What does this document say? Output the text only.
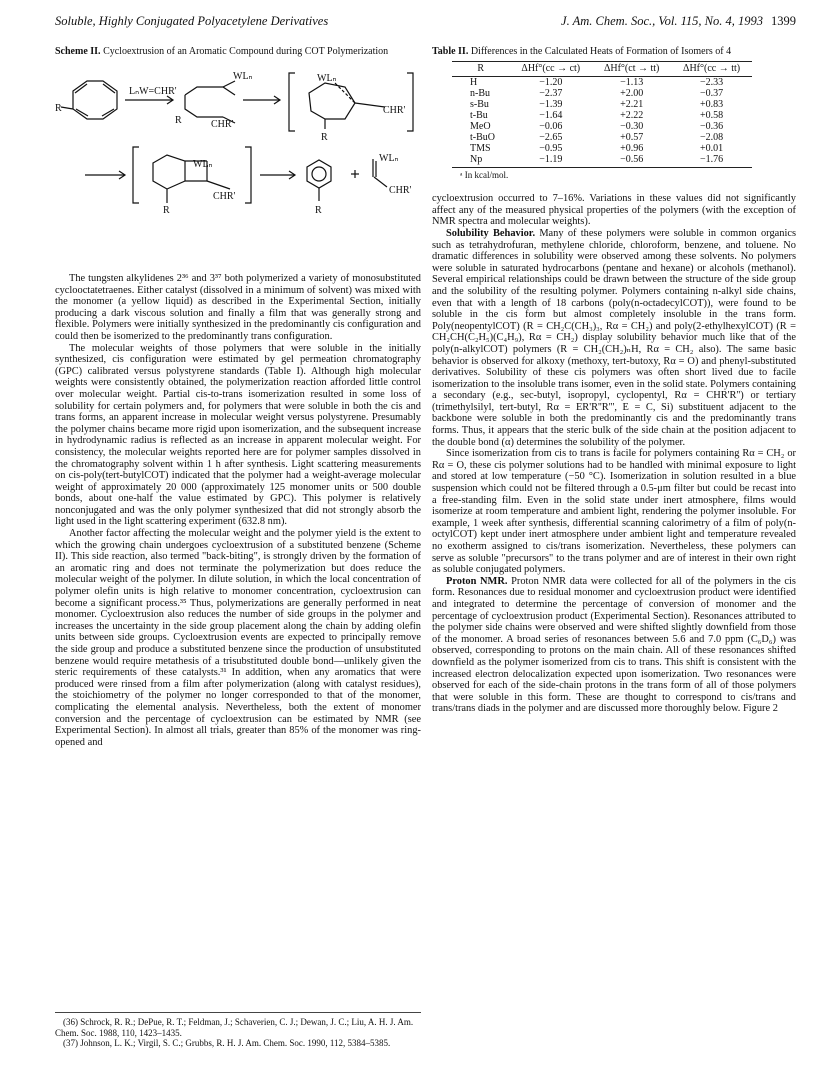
Soluble, Highly Conjugated Polyacetylene Derivatives	J. Am. Chem. Soc., Vol. 115, No. 4, 1993 1399
Scheme II. Cycloextrusion of an Aromatic Compound during COT Polymerization
R
LₙW=CHR'
WLₙ
R	CHR'
WLₙ
CHR'
R
WLₙ
CHR'
R	R
WLₙ
CHR'

The tungsten alkylidenes 2³⁶ and 3³⁷ both polymerized a variety of monosubstituted cyclooctatetraenes. Either catalyst (dissolved in a minimum of solvent) was mixed with the monomer (a yellow liquid) as described in the Experimental Section, initially producing a dark viscous solution and finally a film that was generally strong and flexible. Polymers were initially synthesized in the predominantly cis configuration and could then be isomerized to the predominantly trans configuration.

The molecular weights of those polymers that were soluble in the initially synthesized, cis configuration were estimated by gel permeation chromatography (GPC) calibrated versus polystyrene standards (Table I). Although high molecular weights were consistently obtained, the polymerization reaction afforded little control over molecular weight. Partial cis-to-trans isomerization resulted in some loss of solubility for certain polymers and, for polymers that were soluble in both the cis and trans forms, an apparent increase in molecular weight versus polystyrene. Presumably the polymer chains became more rigid upon isomerization, and the subsequent increase in hydrodynamic radius is reflected as an increase in apparent molecular weight. For consistency, the molecular weights reported here are for polymer samples dissolved in the chromatography solvent within 1 h after synthesis. Light scattering measurements on cis-poly(tert-butylCOT) indicated that the polymer had a weight-average molecular weight of approximately 20 000 (approximately 125 monomer units or 500 double bonds, about one-half the value estimated by GPC). This polymer is relatively nonconjugated and was the only polymer synthesized that did not strongly absorb the light used in the light scattering experiment (632.8 nm).

Another factor affecting the molecular weight and the polymer yield is the extent to which the growing chain undergoes cycloextrusion of a substituted benzene (Scheme II). This side reaction, also termed "back-biting", is strongly driven by the formation of an aromatic ring and does not terminate the polymerization but does reduce the molecular weight of the polymer. In dilute solution, in which the local concentration of polymer olefin units is high relative to monomer concentration, cycloextrusion can become a significant process.³⁵ Thus, polymerizations are generally performed in neat monomer. Cycloextrusion also reduces the number of side groups in the polymer and increases the uncertainty in the side group placement along the chain by adding olefin units between side groups. Cycloextrusion events are expected to principally remove the side group and produce a substituted benzene since the production of unsubstituted benzene would require metathesis of a trisubstituted double bond—unlikely given the steric requirements of these catalysts.³¹ In addition, when any aromatics that were produced were rinsed from a film after polymerization (along with catalyst residues), the stoichiometry of the polymer no longer corresponded to that of the monomer, complicating the elemental analysis. Nevertheless, both the extent of monomer conversion and the percentage of cycloextrusion can be estimated by NMR (see Experimental Section). In almost all trials, greater than 85% of the monomer was ring-opened and

(36) Schrock, R. R.; DePue, R. T.; Feldman, J.; Schaverien, C. J.; Dewan, J. C.; Liu, A. H. J. Am. Chem. Soc. 1988, 110, 1423–1435.
(37) Johnson, L. K.; Virgil, S. C.; Grubbs, R. H. J. Am. Chem. Soc. 1990, 112, 5384–5385.
Table II. Differences in the Calculated Heats of Formation of Isomers of 4
R	ΔHf°(cc → ct)	ΔHf°(ct → tt)	ΔHf°(cc → tt)
H	−1.20	−1.13	−2.33
n-Bu	−2.37	+2.00	−0.37
s-Bu	−1.39	+2.21	+0.83
t-Bu	−1.64	+2.22	+0.58
MeO	−0.06	−0.30	−0.36
t-BuO	−2.65	+0.57	−2.08
TMS	−0.95	+0.96	+0.01
Np	−1.19	−0.56	−1.76
ᵃ In kcal/mol.

cycloextrusion occurred to 7–16%. Variations in these values did not significantly affect any of the measured physical properties of the polymers (with the exception of NMR spectra and molecular weights).

Solubility Behavior. Many of these polymers were soluble in common organics such as tetrahydrofuran, methylene chloride, chloroform, benzene, and toluene. No dramatic differences in solubility were observed among these solvents. No polymers were soluble in saturated hydrocarbons (pentane and hexane) or alcohols (methanol). Several empirical relationships could be drawn between the structure of the side group and the solubility of the resulting polymer. Polymers containing n-alkyl side chains, even that with a length of 18 carbons (poly(n-octadecylCOT)), were found to be soluble in the cis form but almost completely insoluble in the trans form. Poly(neopentylCOT) (R = CH₂C(CH₃)₃, Rα = CH₂) and poly(2-ethylhexylCOT) (R = CH₂CH(C₂H₅)(C₄H₉), Rα = CH₂) display solubility behavior much like that of the poly(n-alkylCOT) polymers (R = CH₂(CH₂)ₙH, Rα = CH₂ also). The same basic behavior is observed for alkoxy (methoxy, tert-butoxy, Rα = O) and phenyl-substituted derivatives. Solubility of these cis polymers was often short lived due to facile isomerization to the insoluble trans isomer, even in the solid state. Polymers containing a secondary (e.g., sec-butyl, isopropyl, cyclopentyl, Rα = CHR'R'') or tertiary (trimethylsilyl, tert-butyl, Rα = ER'R''R''', E = C, Si) substituent adjacent to the backbone were soluble in both the predominantly cis and the predominantly trans forms. Thus, it appears that the steric bulk of the side chain at the position adjacent to the double bond (α) determines the solubility of the polymer.

Since isomerization from cis to trans is facile for polymers containing Rα = CH₂ or Rα = O, these cis polymer solutions had to be handled with minimal exposure to light and stored at low temperature (−50 °C). Isomerization in solution resulted in a blue suspension which could not be filtered through a 0.5-μm filter but could be recast into a free-standing film. Even in the solid state under inert atmosphere, films would isomerize at room temperature and ambient light, rendering the polymer insoluble. For example, 1 week after synthesis, differential scanning calorimetry of a film of poly(n-octylCOT) kept under inert atmosphere under ambient light and temperature revealed no exotherm assigned to cis/trans isomerization. Nevertheless, these polymers can serve as soluble "precursors" to the trans polymer and are of interest in their own right as soluble conjugated polymers.

Proton NMR. Proton NMR data were collected for all of the polymers in the cis form. Resonances due to residual monomer and cycloextrusion product were identified and integrated to determine the percentage of conversion of monomer and the percentage of cycloextrusion product (Experimental Section). Resonances attributed to the polymer side chains were observed and were shifted slightly downfield from those of the monomer. A broad series of resonances between 5.6 and 7.0 ppm (C₆D₆) was observed, corresponding to protons on the main chain. All of these resonances shifted downfield as the polymer isomerized from cis to trans. This shift is consistent with the increased electron delocalization expected upon isomerization. Two resonances were observed for each of the side-chain protons in the trans form of all of those polymers that were soluble in this form. These are thought to correspond to cis/trans and trans/trans diads in the polymer and are discussed more thoroughly below. Figure 2
